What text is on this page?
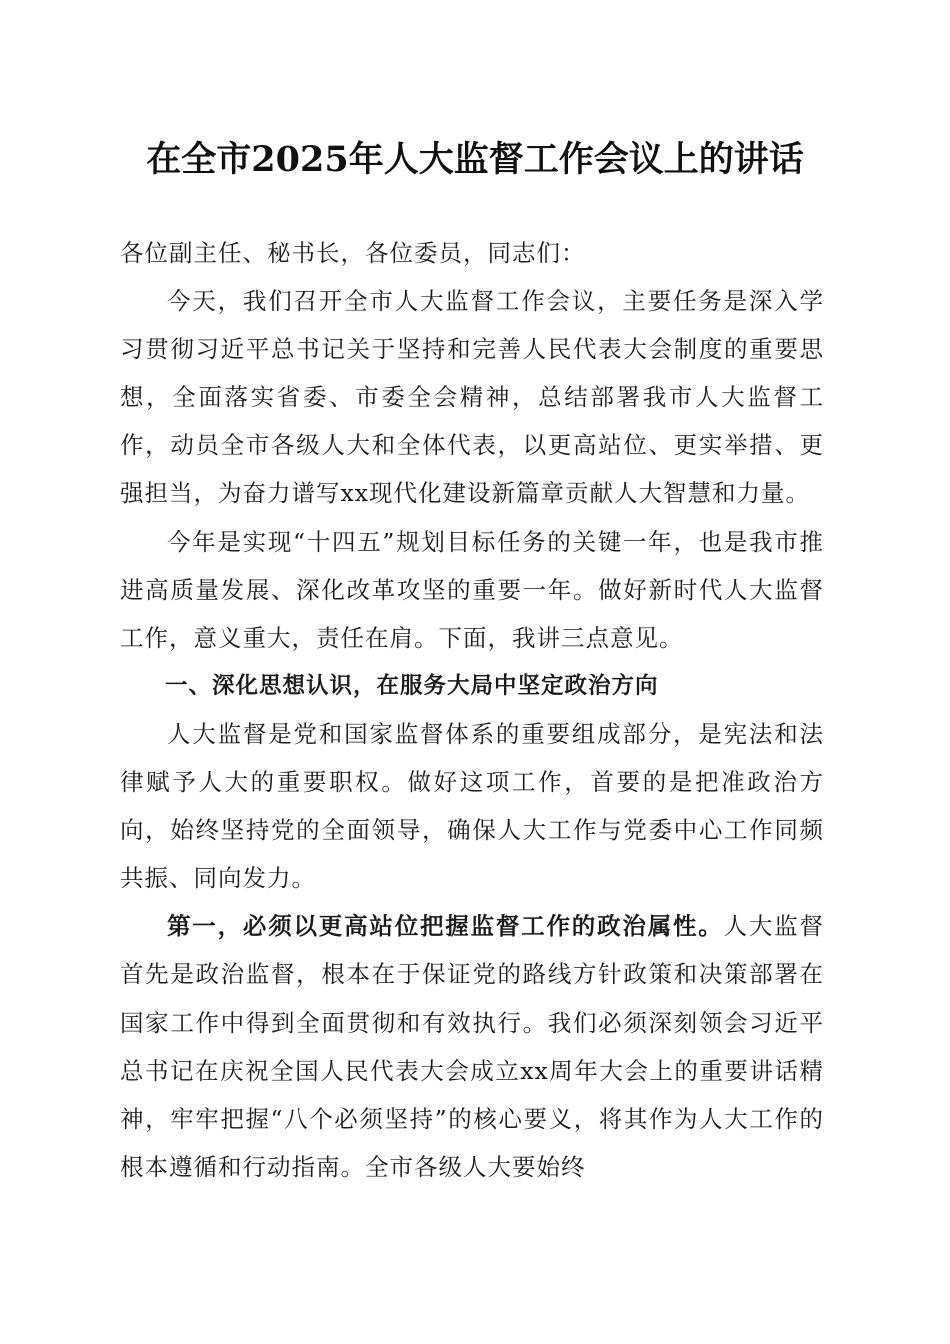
在全市2025年人大监督工作会议上的讲话

各位副主任、秘书长，各位委员，同志们：

今天，我们召开全市人大监督工作会议，主要任务是深入学习贯彻习近平总书记关于坚持和完善人民代表大会制度的重要思想，全面落实省委、市委全会精神，总结部署我市人大监督工作，动员全市各级人大和全体代表，以更高站位、更实举措、更强担当，为奋力谱写xx现代化建设新篇章贡献人大智慧和力量。

今年是实现“十四五”规划目标任务的关键一年，也是我市推进高质量发展、深化改革攻坚的重要一年。做好新时代人大监督工作，意义重大，责任在肩。下面，我讲三点意见。

一、深化思想认识，在服务大局中坚定政治方向

人大监督是党和国家监督体系的重要组成部分，是宪法和法律赋予人大的重要职权。做好这项工作，首要的是把准政治方向，始终坚持党的全面领导，确保人大工作与党委中心工作同频共振、同向发力。

第一，必须以更高站位把握监督工作的政治属性。人大监督首先是政治监督，根本在于保证党的路线方针政策和决策部署在国家工作中得到全面贯彻和有效执行。我们必须深刻领会习近平总书记在庆祝全国人民代表大会成立xx周年大会上的重要讲话精神，牢牢把握“八个必须坚持”的核心要义，将其作为人大工作的根本遵循和行动指南。全市各级人大要始终
